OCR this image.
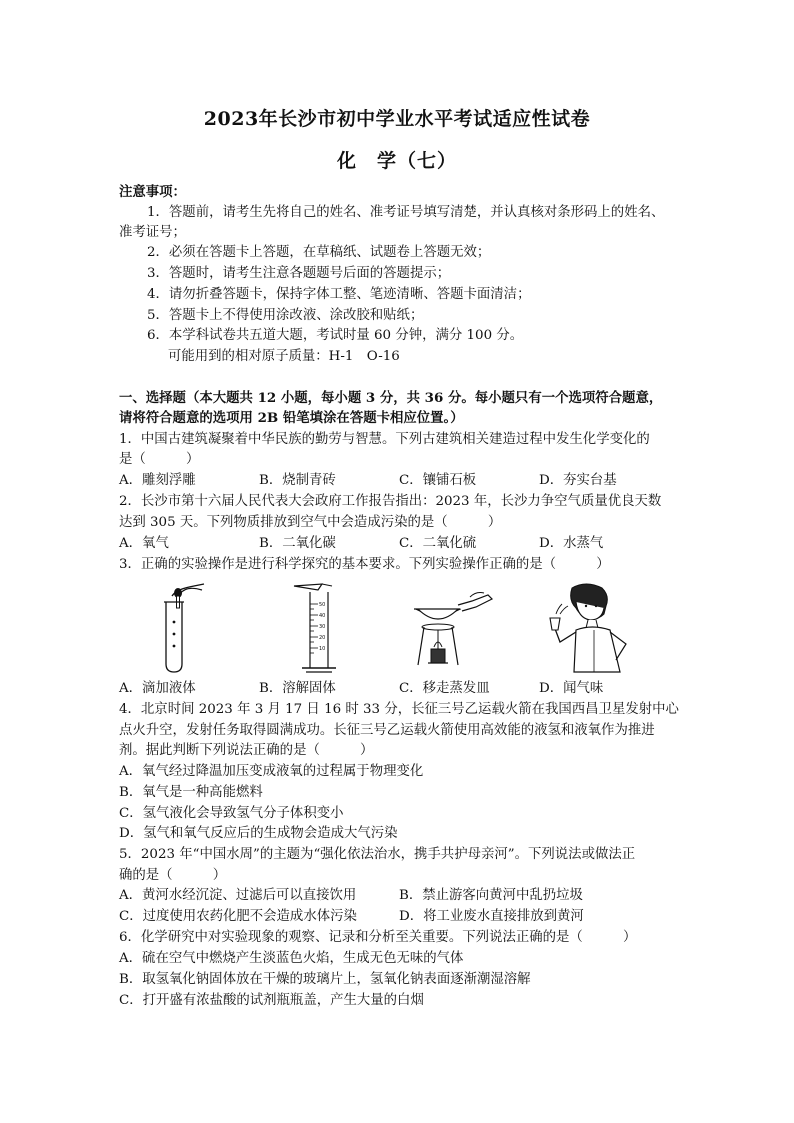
2023年长沙市初中学业水平考试适应性试卷
化　学（七）
注意事项：
1．答题前，请考生先将自己的姓名、准考证号填写清楚，并认真核对条形码上的姓名、
准考证号；
2．必须在答题卡上答题，在草稿纸、试题卷上答题无效；
3．答题时，请考生注意各题题号后面的答题提示；
4．请勿折叠答题卡，保持字体工整、笔迹清晰、答题卡面清洁；
5．答题卡上不得使用涂改液、涂改胶和贴纸；
6．本学科试卷共五道大题，考试时量 60 分钟，满分 100 分。
可能用到的相对原子质量：H-1　O-16
一、选择题（本大题共 12 小题，每小题 3 分，共 36 分。每小题只有一个选项符合题意，
请将符合题意的选项用 2B 铅笔填涂在答题卡相应位置。）
1．中国古建筑凝聚着中华民族的勤劳与智慧。下列古建筑相关建造过程中发生化学变化的
是（　　　）
A．雕刻浮雕	B．烧制青砖	C．镶铺石板	D．夯实台基
2．长沙市第十六届人民代表大会政府工作报告指出：2023 年，长沙力争空气质量优良天数
达到 305 天。下列物质排放到空气中会造成污染的是（　　　）
A．氧气	B．二氧化碳	C．二氧化硫	D．水蒸气
3．正确的实验操作是进行科学探究的基本要求。下列实验操作正确的是（　　　）
50
40
30
20
10
A．滴加液体	B．溶解固体	C．移走蒸发皿	D．闻气味
4．北京时间 2023 年 3 月 17 日 16 时 33 分，长征三号乙运载火箭在我国西昌卫星发射中心
点火升空，发射任务取得圆满成功。长征三号乙运载火箭使用高效能的液氢和液氧作为推进
剂。据此判断下列说法正确的是（　　　）
A．氧气经过降温加压变成液氧的过程属于物理变化
B．氧气是一种高能燃料
C．氢气液化会导致氢气分子体积变小
D．氢气和氧气反应后的生成物会造成大气污染
5．2023 年“中国水周”的主题为“强化依法治水，携手共护母亲河”。下列说法或做法正
确的是（　　　）
A．黄河水经沉淀、过滤后可以直接饮用	B．禁止游客向黄河中乱扔垃圾
C．过度使用农药化肥不会造成水体污染	D．将工业废水直接排放到黄河
6．化学研究中对实验现象的观察、记录和分析至关重要。下列说法正确的是（　　　）
A．硫在空气中燃烧产生淡蓝色火焰，生成无色无味的气体
B．取氢氧化钠固体放在干燥的玻璃片上，氢氧化钠表面逐渐潮湿溶解
C．打开盛有浓盐酸的试剂瓶瓶盖，产生大量的白烟
